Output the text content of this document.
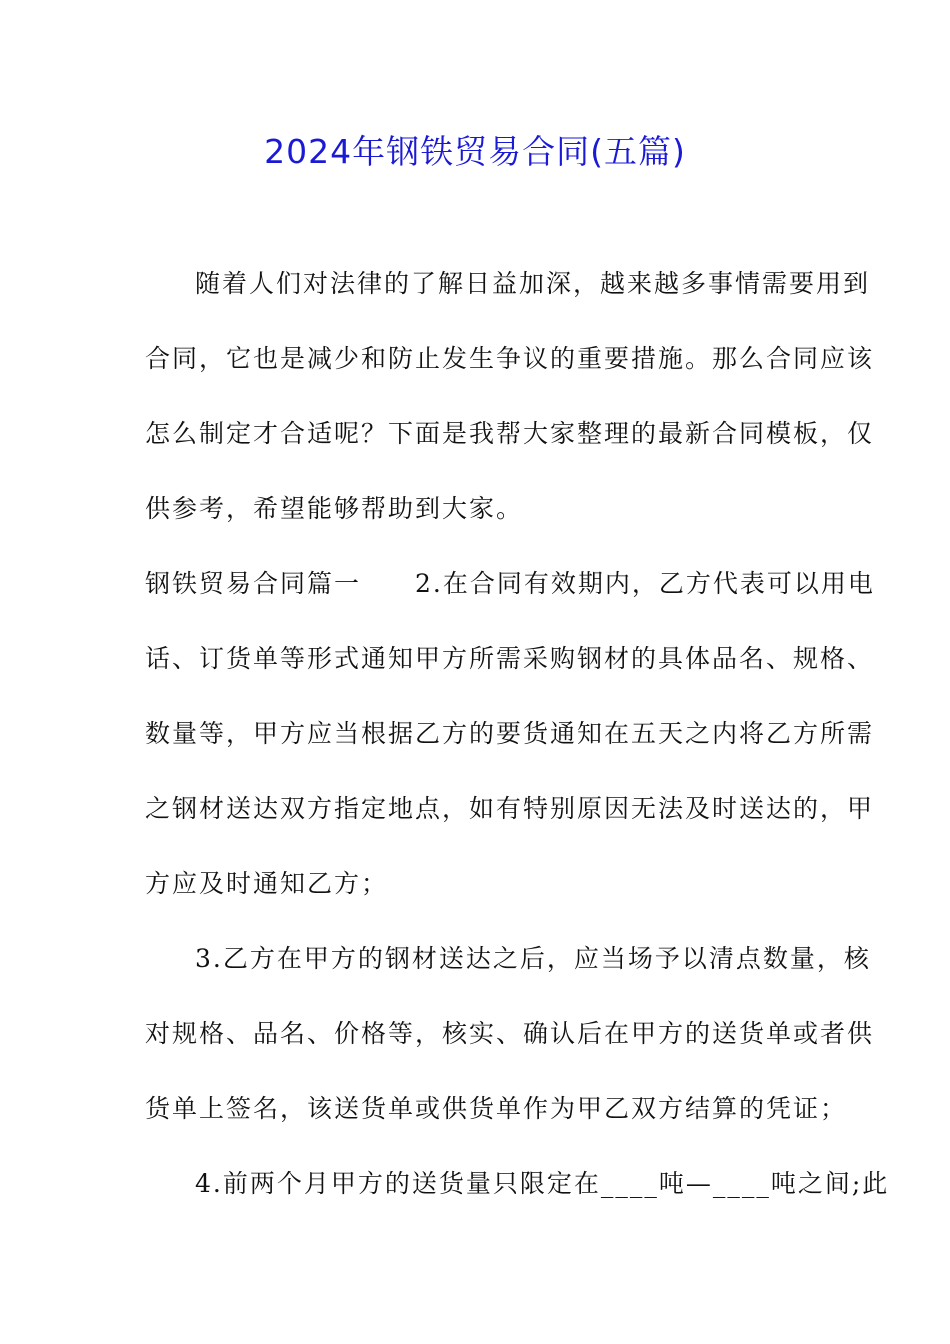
2024年钢铁贸易合同(五篇)
随着人们对法律的了解日益加深，越来越多事情需要用到
合同，它也是减少和防止发生争议的重要措施。那么合同应该
怎么制定才合适呢？下面是我帮大家整理的最新合同模板，仅
供参考，希望能够帮助到大家。
钢铁贸易合同篇一　　2.在合同有效期内，乙方代表可以用电
话、订货单等形式通知甲方所需采购钢材的具体品名、规格、
数量等，甲方应当根据乙方的要货通知在五天之内将乙方所需
之钢材送达双方指定地点，如有特别原因无法及时送达的，甲
方应及时通知乙方；
3.乙方在甲方的钢材送达之后，应当场予以清点数量，核
对规格、品名、价格等，核实、确认后在甲方的送货单或者供
货单上签名，该送货单或供货单作为甲乙双方结算的凭证；
4.前两个月甲方的送货量只限定在____吨—____吨之间;此
